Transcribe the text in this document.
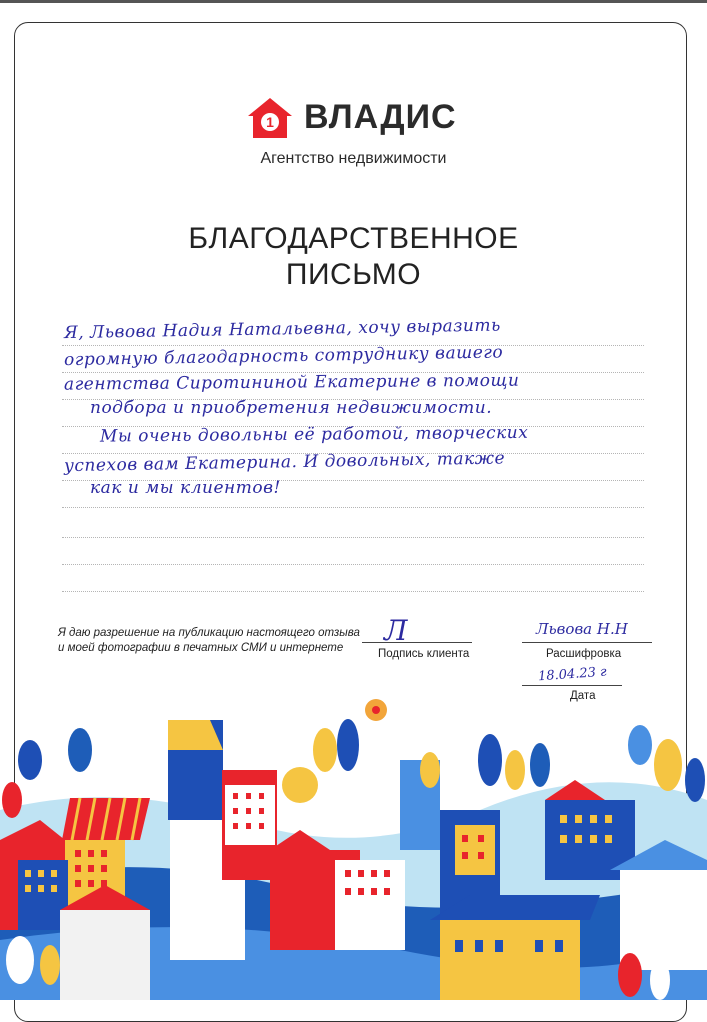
1 ВЛАДИС
Агентство недвижимости
БЛАГОДАРСТВЕННОЕ
ПИСЬМО
Я, Львова Надия Натальевна, хочу выразить
огромную благодарность сотруднику вашего
агентства Сиротининой Екатерине в помощи
подбора и приобретения недвижимости.
Мы очень довольны её работой, творческих
успехов вам Екатерина. И довольных, также
как и мы клиентов!
Я даю разрешение на публикацию настоящего отзыва
и моей фотографии в печатных СМИ и интернете
Л
Подпись клиента
Львова Н.Н
Расшифровка
18.04.23 г
Дата
